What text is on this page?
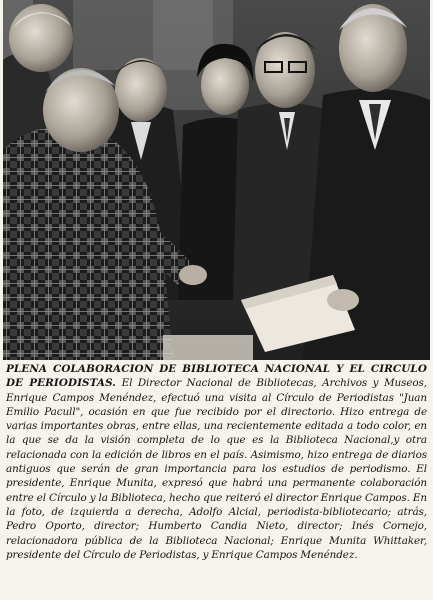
PLENA COLABORACION DE BIBLIOTECA NACIONAL Y EL CIRCULO DE PERIODISTAS. El Director Nacional de Bibliotecas, Archivos y Museos, Enrique Campos Menéndez, efectuó una visita al Círculo de Periodistas "Juan Emilio Pacull", ocasión en que fue recibido por el directorio. Hizo entrega de varias importantes obras, entre ellas, una recientemente editada a todo color, en la que se da la visión completa de lo que es la Biblioteca Nacional,y otra relacionada con la edición de libros en el país. Asimismo, hizo entrega de diarios antiguos que serán de gran importancia para los estudios de periodismo. El presidente, Enrique Munita, expresó que habrá una permanente colaboración entre el Círculo y la Biblioteca, hecho que reiteró el director Enrique Campos. En la foto, de izquierda a derecha, Adolfo Alcial, periodista-bibliotecario; atrás, Pedro Oporto, director; Humberto Candia Nieto, director; Inés Cornejo, relacionadora pública de la Biblioteca Nacional; Enrique Munita Whittaker, presidente del Círculo de Periodistas, y Enrique Campos Menéndez.
